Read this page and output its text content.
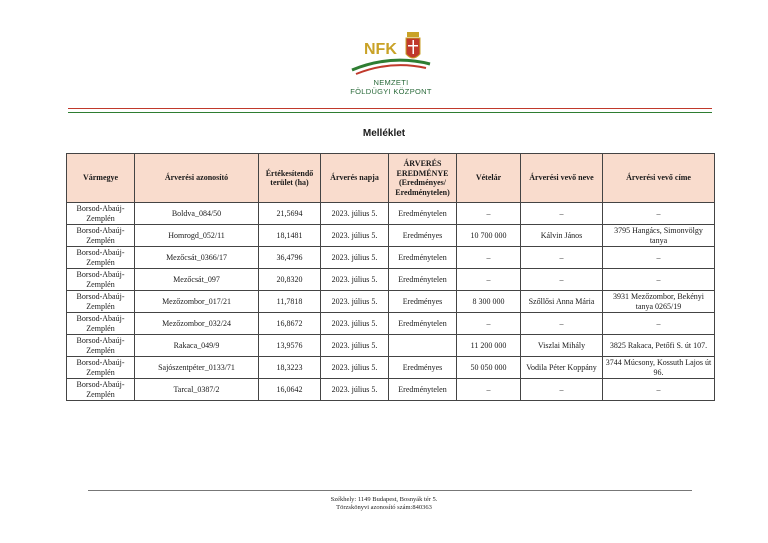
NFK
NEMZETI
FÖLDÜGYI KÖZPONT
Melléklet
Vármegye	Árverési azonosító	Értékesítendő terület (ha)	Árverés napja	ÁRVERÉS EREDMÉNYE (Eredményes/ Eredménytelen)	Vételár	Árverési vevő neve	Árverési vevő címe
Borsod-Abaúj-Zemplén	Boldva_084/50	21,5694	2023. július 5.	Eredménytelen	–	–	–
Borsod-Abaúj-Zemplén	Homrogd_052/11	18,1481	2023. július 5.	Eredményes	10 700 000	Kálvin János	3795 Hangács, Simonvölgy tanya
Borsod-Abaúj-Zemplén	Mezőcsát_0366/17	36,4796	2023. július 5.	Eredménytelen	–	–	–
Borsod-Abaúj-Zemplén	Mezőcsát_097	20,8320	2023. július 5.	Eredménytelen	–	–	–
Borsod-Abaúj-Zemplén	Mezőzombor_017/21	11,7818	2023. július 5.	Eredményes	8 300 000	Szőllősi Anna Mária	3931 Mezőzombor, Bekényi tanya 0265/19
Borsod-Abaúj-Zemplén	Mezőzombor_032/24	16,8672	2023. július 5.	Eredménytelen	–	–	–
Borsod-Abaúj-Zemplén	Rakaca_049/9	13,9576	2023. július 5.		11 200 000	Viszlai Mihály	3825 Rakaca, Petőfi S. út 107.
Borsod-Abaúj-Zemplén	Sajószentpéter_0133/71	18,3223	2023. július 5.	Eredményes	50 050 000	Vodila Péter Koppány	3744 Múcsony, Kossuth Lajos út 96.
Borsod-Abaúj-Zemplén	Tarcal_0387/2	16,0642	2023. július 5.	Eredménytelen	–	–	–
Székhely: 1149 Budapest, Bosnyák tér 5.
Törzskönyvi azonosító szám:840363
